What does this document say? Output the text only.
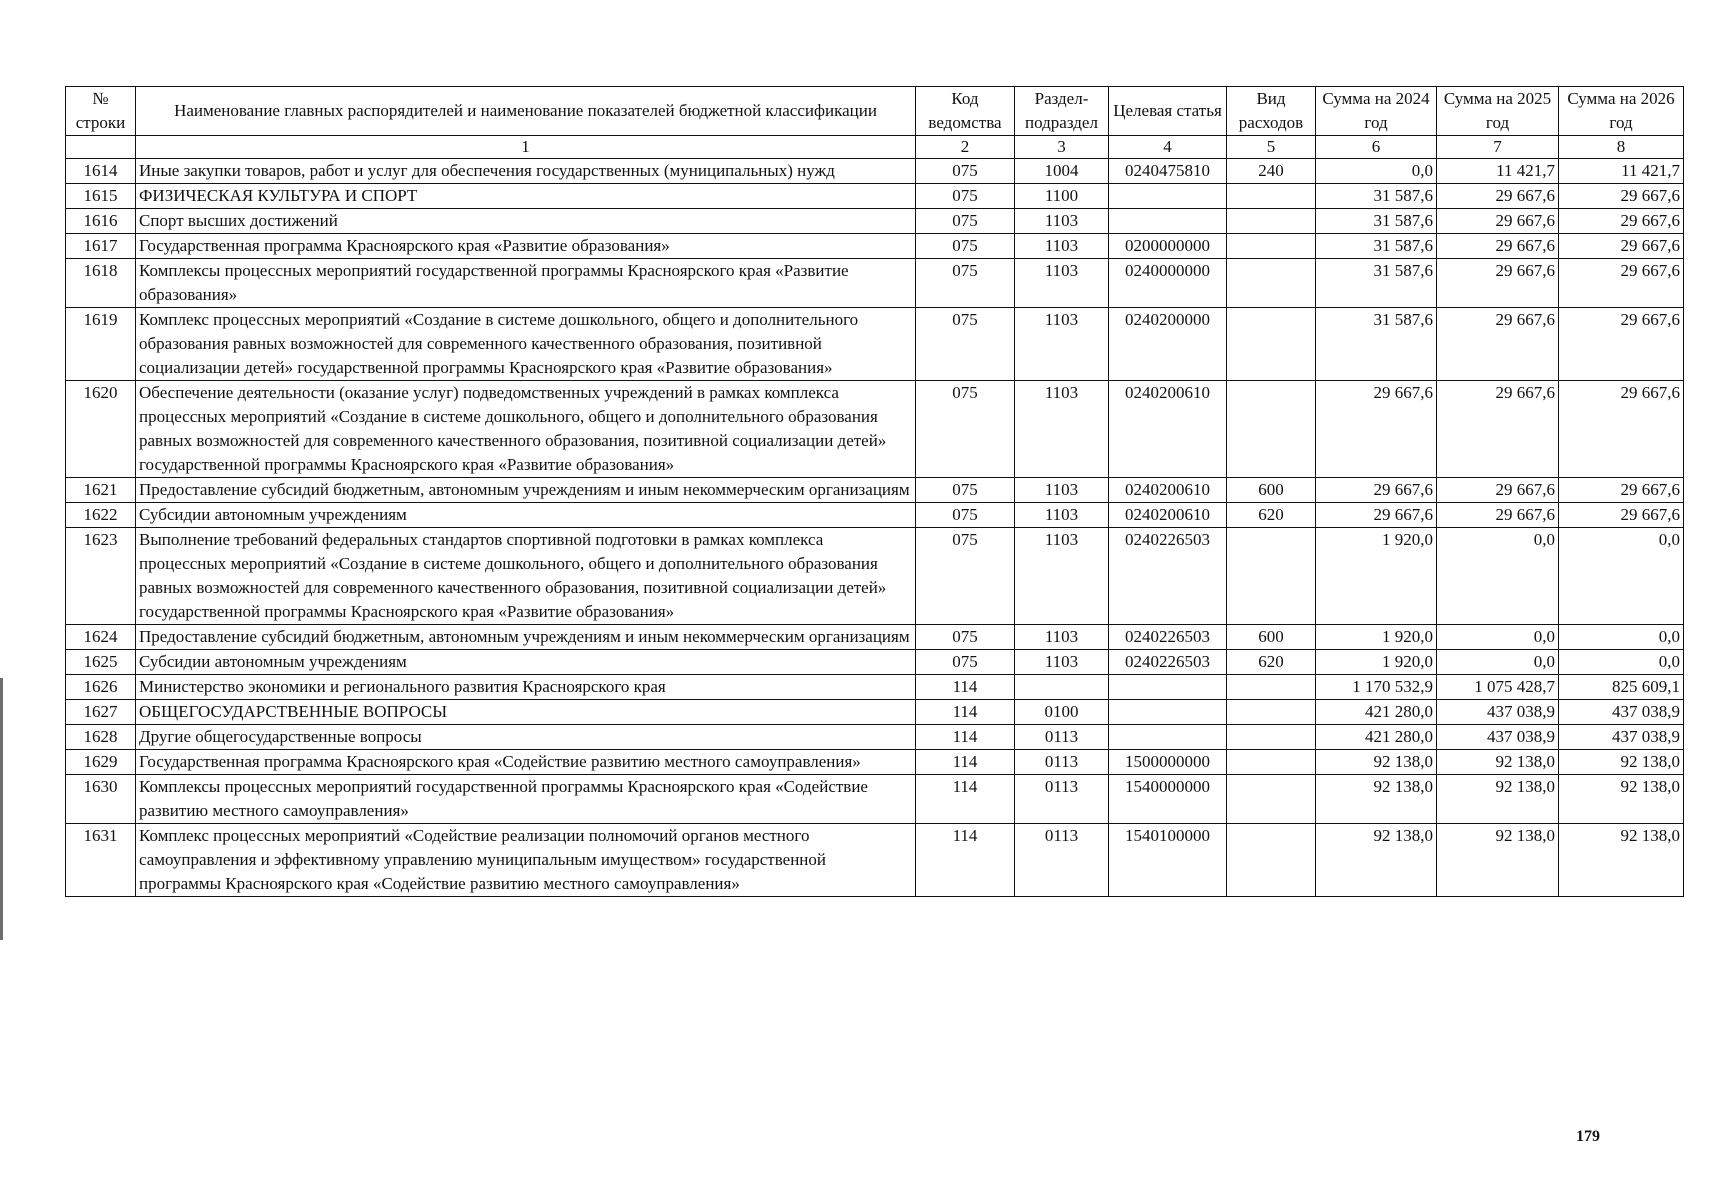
№ строки	Наименование главных распорядителей и наименование показателей бюджетной классификации	Код ведомства	Раздел-подраздел	Целевая статья	Вид расходов	Сумма на 2024 год	Сумма на 2025 год	Сумма на 2026 год
	1	2	3	4	5	6	7	8
1614	Иные закупки товаров, работ и услуг для обеспечения государственных (муниципальных) нужд	075	1004	0240475810	240	0,0	11 421,7	11 421,7
1615	ФИЗИЧЕСКАЯ КУЛЬТУРА И СПОРТ	075	1100			31 587,6	29 667,6	29 667,6
1616	Спорт высших достижений	075	1103			31 587,6	29 667,6	29 667,6
1617	Государственная программа Красноярского края «Развитие образования»	075	1103	0200000000		31 587,6	29 667,6	29 667,6
1618	Комплексы процессных мероприятий государственной программы Красноярского края «Развитие образования»	075	1103	0240000000		31 587,6	29 667,6	29 667,6
1619	Комплекс процессных мероприятий «Создание в системе дошкольного, общего и дополнительного образования равных возможностей для современного качественного образования, позитивной социализации детей» государственной программы Красноярского края «Развитие образования»	075	1103	0240200000		31 587,6	29 667,6	29 667,6
1620	Обеспечение деятельности (оказание услуг) подведомственных учреждений в рамках комплекса процессных мероприятий «Создание в системе дошкольного, общего и дополнительного образования равных возможностей для современного качественного образования, позитивной социализации детей» государственной программы Красноярского края «Развитие образования»	075	1103	0240200610		29 667,6	29 667,6	29 667,6
1621	Предоставление субсидий бюджетным, автономным учреждениям и иным некоммерческим организациям	075	1103	0240200610	600	29 667,6	29 667,6	29 667,6
1622	Субсидии автономным учреждениям	075	1103	0240200610	620	29 667,6	29 667,6	29 667,6
1623	Выполнение требований федеральных стандартов спортивной подготовки в рамках комплекса процессных мероприятий «Создание в системе дошкольного, общего и дополнительного образования равных возможностей для современного качественного образования, позитивной социализации детей» государственной программы Красноярского края «Развитие образования»	075	1103	0240226503		1 920,0	0,0	0,0
1624	Предоставление субсидий бюджетным, автономным учреждениям и иным некоммерческим организациям	075	1103	0240226503	600	1 920,0	0,0	0,0
1625	Субсидии автономным учреждениям	075	1103	0240226503	620	1 920,0	0,0	0,0
1626	Министерство экономики и регионального развития Красноярского края	114				1 170 532,9	1 075 428,7	825 609,1
1627	ОБЩЕГОСУДАРСТВЕННЫЕ ВОПРОСЫ	114	0100			421 280,0	437 038,9	437 038,9
1628	Другие общегосударственные вопросы	114	0113			421 280,0	437 038,9	437 038,9
1629	Государственная программа Красноярского края «Содействие развитию местного самоуправления»	114	0113	1500000000		92 138,0	92 138,0	92 138,0
1630	Комплексы процессных мероприятий государственной программы Красноярского края «Содействие развитию местного самоуправления»	114	0113	1540000000		92 138,0	92 138,0	92 138,0
1631	Комплекс процессных мероприятий «Содействие реализации полномочий органов местного самоуправления и эффективному управлению муниципальным имуществом» государственной программы Красноярского края «Содействие развитию местного самоуправления»	114	0113	1540100000		92 138,0	92 138,0	92 138,0
179
